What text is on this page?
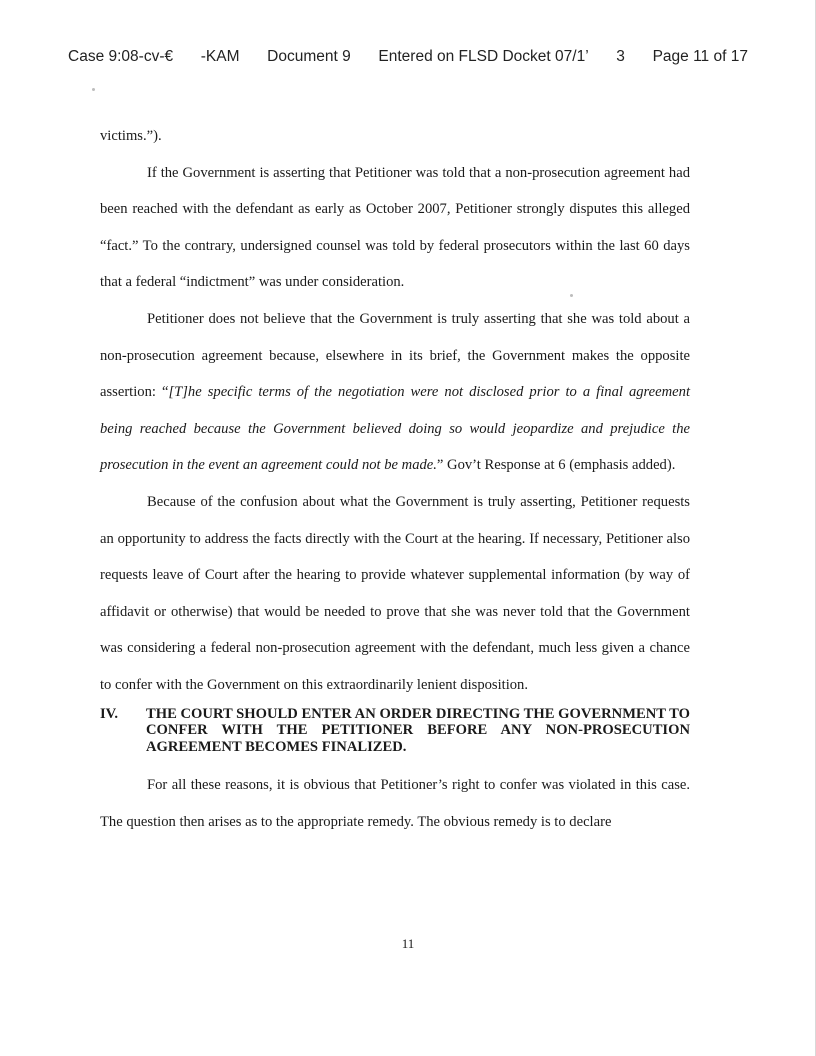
Case 9:08-cv-€ -KAM Document 9 Entered on FLSD Docket 07/1’ 3 Page 11 of 17

victims.”).

If the Government is asserting that Petitioner was told that a non-prosecution agreement had been reached with the defendant as early as October 2007, Petitioner strongly disputes this alleged “fact.” To the contrary, undersigned counsel was told by federal prosecutors within the last 60 days that a federal “indictment” was under consideration.

Petitioner does not believe that the Government is truly asserting that she was told about a non-prosecution agreement because, elsewhere in its brief, the Government makes the opposite assertion: “[T]he specific terms of the negotiation were not disclosed prior to a final agreement being reached because the Government believed doing so would jeopardize and prejudice the prosecution in the event an agreement could not be made.” Gov’t Response at 6 (emphasis added).

Because of the confusion about what the Government is truly asserting, Petitioner requests an opportunity to address the facts directly with the Court at the hearing. If necessary, Petitioner also requests leave of Court after the hearing to provide whatever supplemental information (by way of affidavit or otherwise) that would be needed to prove that she was never told that the Government was considering a federal non-prosecution agreement with the defendant, much less given a chance to confer with the Government on this extraordinarily lenient disposition.

IV.	THE COURT SHOULD ENTER AN ORDER DIRECTING THE GOVERNMENT TO CONFER WITH THE PETITIONER BEFORE ANY NON-PROSECUTION AGREEMENT BECOMES FINALIZED.

For all these reasons, it is obvious that Petitioner’s right to confer was violated in this case. The question then arises as to the appropriate remedy. The obvious remedy is to declare

11
